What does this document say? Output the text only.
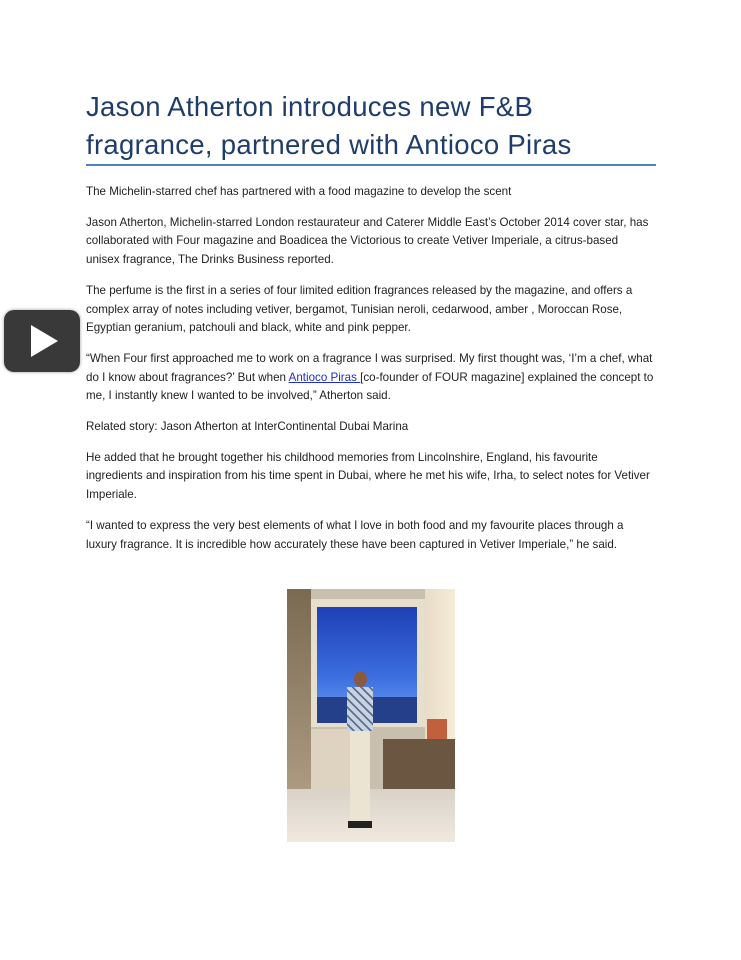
Jason Atherton introduces new F&B fragrance, partnered with Antioco Piras

The Michelin-starred chef has partnered with a food magazine to develop the scent

Jason Atherton, Michelin-starred London restaurateur and Caterer Middle East’s October 2014 cover star, has collaborated with Four magazine and Boadicea the Victorious to create Vetiver Imperiale, a citrus-based unisex fragrance, The Drinks Business reported.

The perfume is the first in a series of four limited edition fragrances released by the magazine, and offers a complex array of notes including vetiver, bergamot, Tunisian neroli, cedarwood, amber , Moroccan Rose, Egyptian geranium, patchouli and black, white and pink pepper.

“When Four first approached me to work on a fragrance I was surprised. My first thought was, ‘I’m a chef, what do I know about fragrances?’ But when Antioco Piras [co-founder of FOUR magazine] explained the concept to me, I instantly knew I wanted to be involved,” Atherton said.

Related story: Jason Atherton at InterContinental Dubai Marina

He added that he brought together his childhood memories from Lincolnshire, England, his favourite ingredients and inspiration from his time spent in Dubai, where he met his wife, Irha, to select notes for Vetiver Imperiale.

“I wanted to express the very best elements of what I love in both food and my favourite places through a luxury fragrance. It is incredible how accurately these have been captured in Vetiver Imperiale,” he said.
